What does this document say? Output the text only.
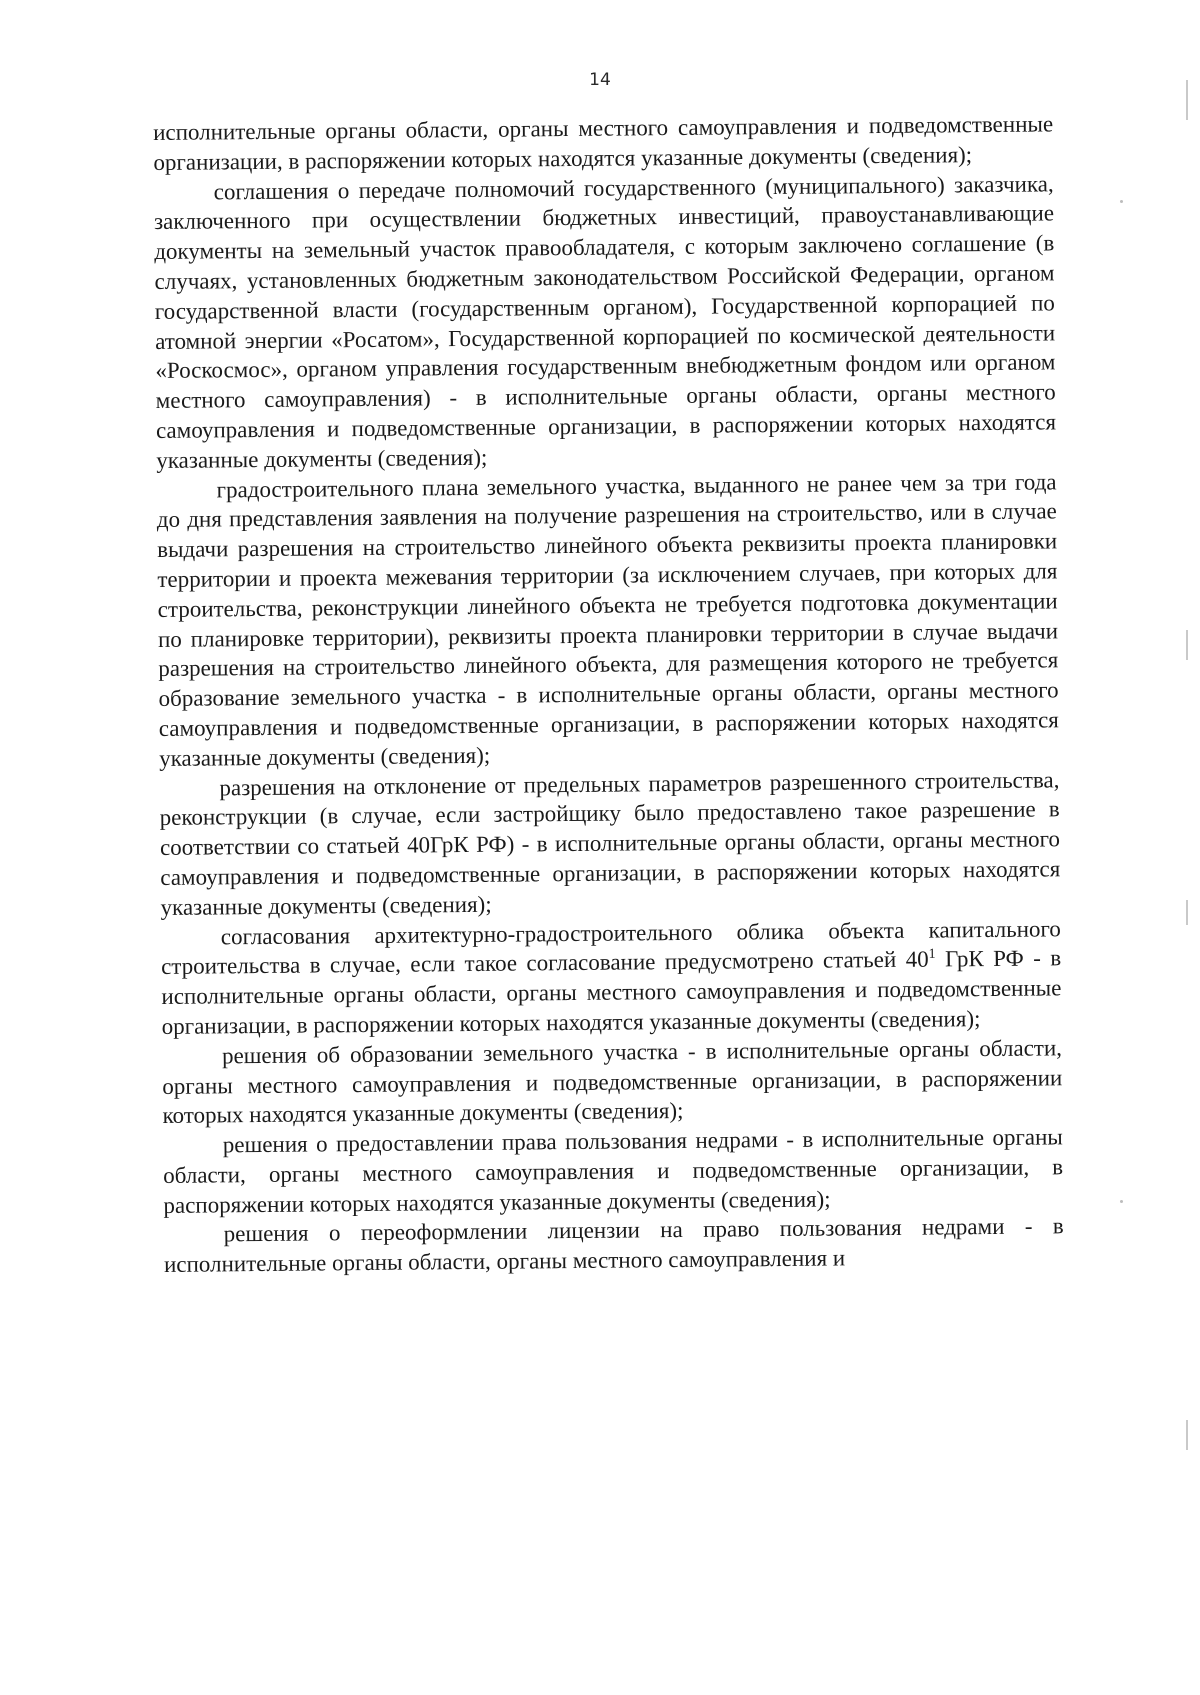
14

исполнительные органы области, органы местного самоуправления и подведомственные организации, в распоряжении которых находятся указанные документы (сведения);

соглашения о передаче полномочий государственного (муниципального) заказчика, заключенного при осуществлении бюджетных инвестиций, правоустанавливающие документы на земельный участок правообладателя, с которым заключено соглашение (в случаях, установленных бюджетным законодательством Российской Федерации, органом государственной власти (государственным органом), Государственной корпорацией по атомной энергии «Росатом», Государственной корпорацией по космической деятельности «Роскосмос», органом управления государственным внебюджетным фондом или органом местного самоуправления) - в исполнительные органы области, органы местного самоуправления и подведомственные организации, в распоряжении которых находятся указанные документы (сведения);

градостроительного плана земельного участка, выданного не ранее чем за три года до дня представления заявления на получение разрешения на строительство, или в случае выдачи разрешения на строительство линейного объекта реквизиты проекта планировки территории и проекта межевания территории (за исключением случаев, при которых для строительства, реконструкции линейного объекта не требуется подготовка документации по планировке территории), реквизиты проекта планировки территории в случае выдачи разрешения на строительство линейного объекта, для размещения которого не требуется образование земельного участка - в исполнительные органы области, органы местного самоуправления и подведомственные организации, в распоряжении которых находятся указанные документы (сведения);

разрешения на отклонение от предельных параметров разрешенного строительства, реконструкции (в случае, если застройщику было предоставлено такое разрешение в соответствии со статьей 40ГрК РФ) - в исполнительные органы области, органы местного самоуправления и подведомственные организации, в распоряжении которых находятся указанные документы (сведения);

согласования архитектурно-градостроительного облика объекта капитального строительства в случае, если такое согласование предусмотрено статьей $40^1$ ГрК РФ - в исполнительные органы области, органы местного самоуправления и подведомственные организации, в распоряжении которых находятся указанные документы (сведения);

решения об образовании земельного участка - в исполнительные органы области, органы местного самоуправления и подведомственные организации, в распоряжении которых находятся указанные документы (сведения);

решения о предоставлении права пользования недрами - в исполнительные органы области, органы местного самоуправления и подведомственные организации, в распоряжении которых находятся указанные документы (сведения);

решения о переоформлении лицензии на право пользования недрами - в исполнительные органы области, органы местного самоуправления и
